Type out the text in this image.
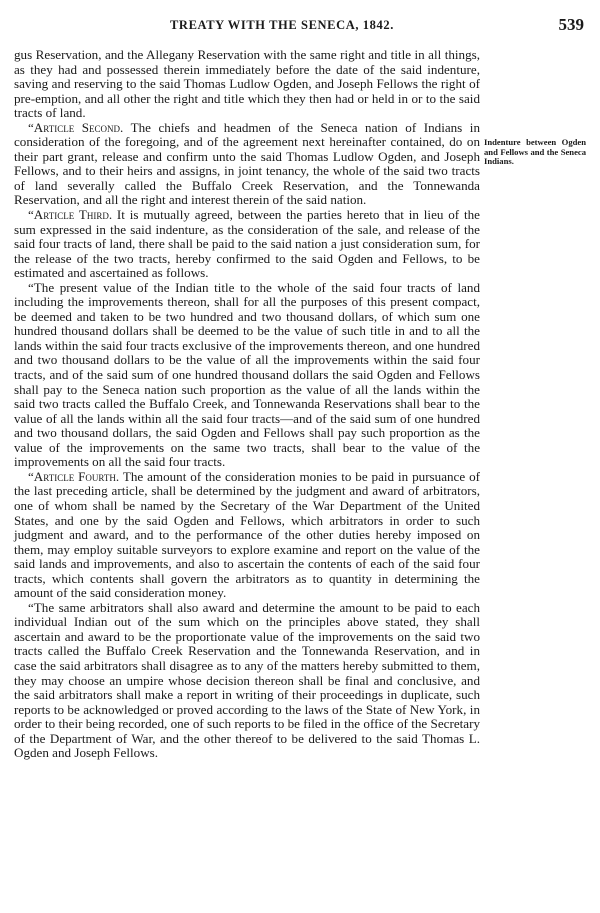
TREATY WITH THE SENECA, 1842.	539
Indenture between Ogden and Fellows and the Seneca Indians.

gus Reservation, and the Allegany Reservation with the same right and title in all things, as they had and possessed therein immediately before the date of the said indenture, saving and reserving to the said Thomas Ludlow Ogden, and Joseph Fellows the right of pre-emption, and all other the right and title which they then had or held in or to the said tracts of land.

“Article Second. The chiefs and headmen of the Seneca nation of Indians in consideration of the foregoing, and of the agreement next hereinafter contained, do on their part grant, release and confirm unto the said Thomas Ludlow Ogden, and Joseph Fellows, and to their heirs and assigns, in joint tenancy, the whole of the said two tracts of land severally called the Buffalo Creek Reservation, and the Tonnewanda Reservation, and all the right and interest therein of the said nation.

“Article Third. It is mutually agreed, between the parties hereto that in lieu of the sum expressed in the said indenture, as the consideration of the sale, and release of the said four tracts of land, there shall be paid to the said nation a just consideration sum, for the release of the two tracts, hereby confirmed to the said Ogden and Fellows, to be estimated and ascertained as follows.

“The present value of the Indian title to the whole of the said four tracts of land including the improvements thereon, shall for all the purposes of this present compact, be deemed and taken to be two hundred and two thousand dollars, of which sum one hundred thousand dollars shall be deemed to be the value of such title in and to all the lands within the said four tracts exclusive of the improvements thereon, and one hundred and two thousand dollars to be the value of all the improvements within the said four tracts, and of the said sum of one hundred thousand dollars the said Ogden and Fellows shall pay to the Seneca nation such proportion as the value of all the lands within the said two tracts called the Buffalo Creek, and Tonnewanda Reservations shall bear to the value of all the lands within all the said four tracts—and of the said sum of one hundred and two thousand dollars, the said Ogden and Fellows shall pay such proportion as the value of the improvements on the same two tracts, shall bear to the value of the improvements on all the said four tracts.

“Article Fourth. The amount of the consideration monies to be paid in pursuance of the last preceding article, shall be determined by the judgment and award of arbitrators, one of whom shall be named by the Secretary of the War Department of the United States, and one by the said Ogden and Fellows, which arbitrators in order to such judgment and award, and to the performance of the other duties hereby imposed on them, may employ suitable surveyors to explore examine and report on the value of the said lands and improvements, and also to ascertain the contents of each of the said four tracts, which contents shall govern the arbitrators as to quantity in determining the amount of the said consideration money.

“The same arbitrators shall also award and determine the amount to be paid to each individual Indian out of the sum which on the principles above stated, they shall ascertain and award to be the proportionate value of the improvements on the said two tracts called the Buffalo Creek Reservation and the Tonnewanda Reservation, and in case the said arbitrators shall disagree as to any of the matters hereby submitted to them, they may choose an umpire whose decision thereon shall be final and conclusive, and the said arbitrators shall make a report in writing of their proceedings in duplicate, such reports to be acknowledged or proved according to the laws of the State of New York, in order to their being recorded, one of such reports to be filed in the office of the Secretary of the Department of War, and the other thereof to be delivered to the said Thomas L. Ogden and Joseph Fellows.
